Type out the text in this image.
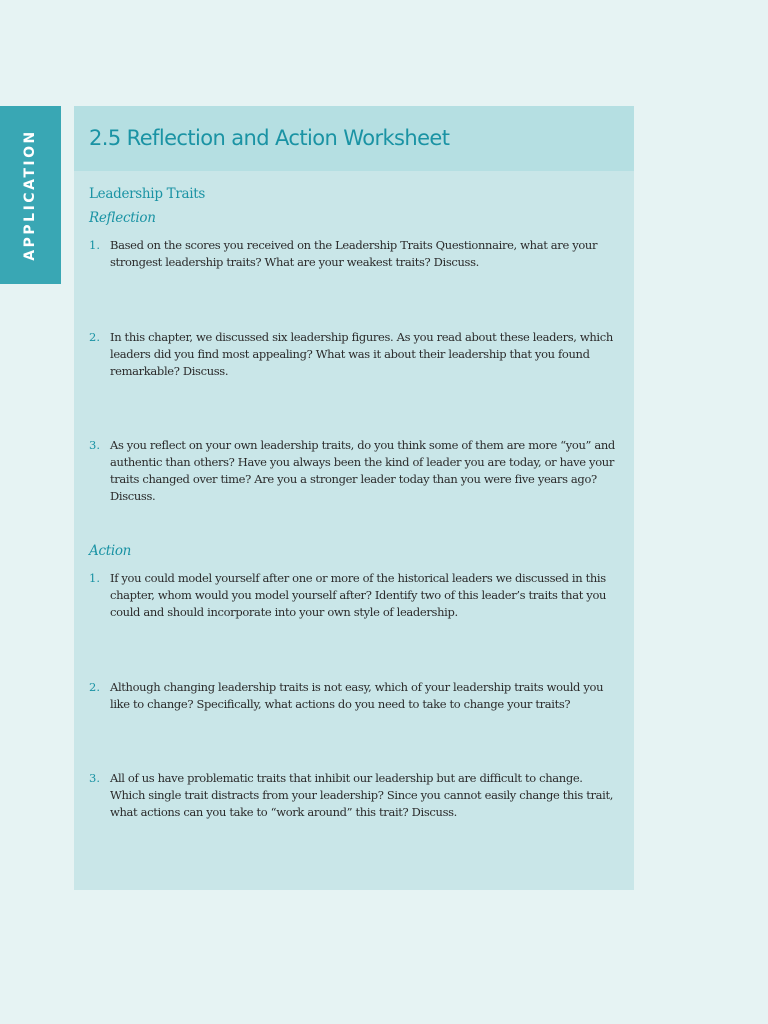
APPLICATION 2.5 Reflection and Action Worksheet
Leadership Traits
Reflection
1. Based on the scores you received on the Leadership Traits Questionnaire, what are your strongest leadership traits? What are your weakest traits? Discuss.
2. In this chapter, we discussed six leadership figures. As you read about these leaders, which leaders did you find most appealing? What was it about their leadership that you found remarkable? Discuss.
3. As you reflect on your own leadership traits, do you think some of them are more “you” and authentic than others? Have you always been the kind of leader you are today, or have your traits changed over time? Are you a stronger leader today than you were five years ago? Discuss.
Action
1. If you could model yourself after one or more of the historical leaders we discussed in this chapter, whom would you model yourself after? Identify two of this leader’s traits that you could and should incorporate into your own style of leadership.
2. Although changing leadership traits is not easy, which of your leadership traits would you like to change? Specifically, what actions do you need to take to change your traits?
3. All of us have problematic traits that inhibit our leadership but are difficult to change. Which single trait distracts from your leadership? Since you cannot easily change this trait, what actions can you take to “work around” this trait? Discuss.
